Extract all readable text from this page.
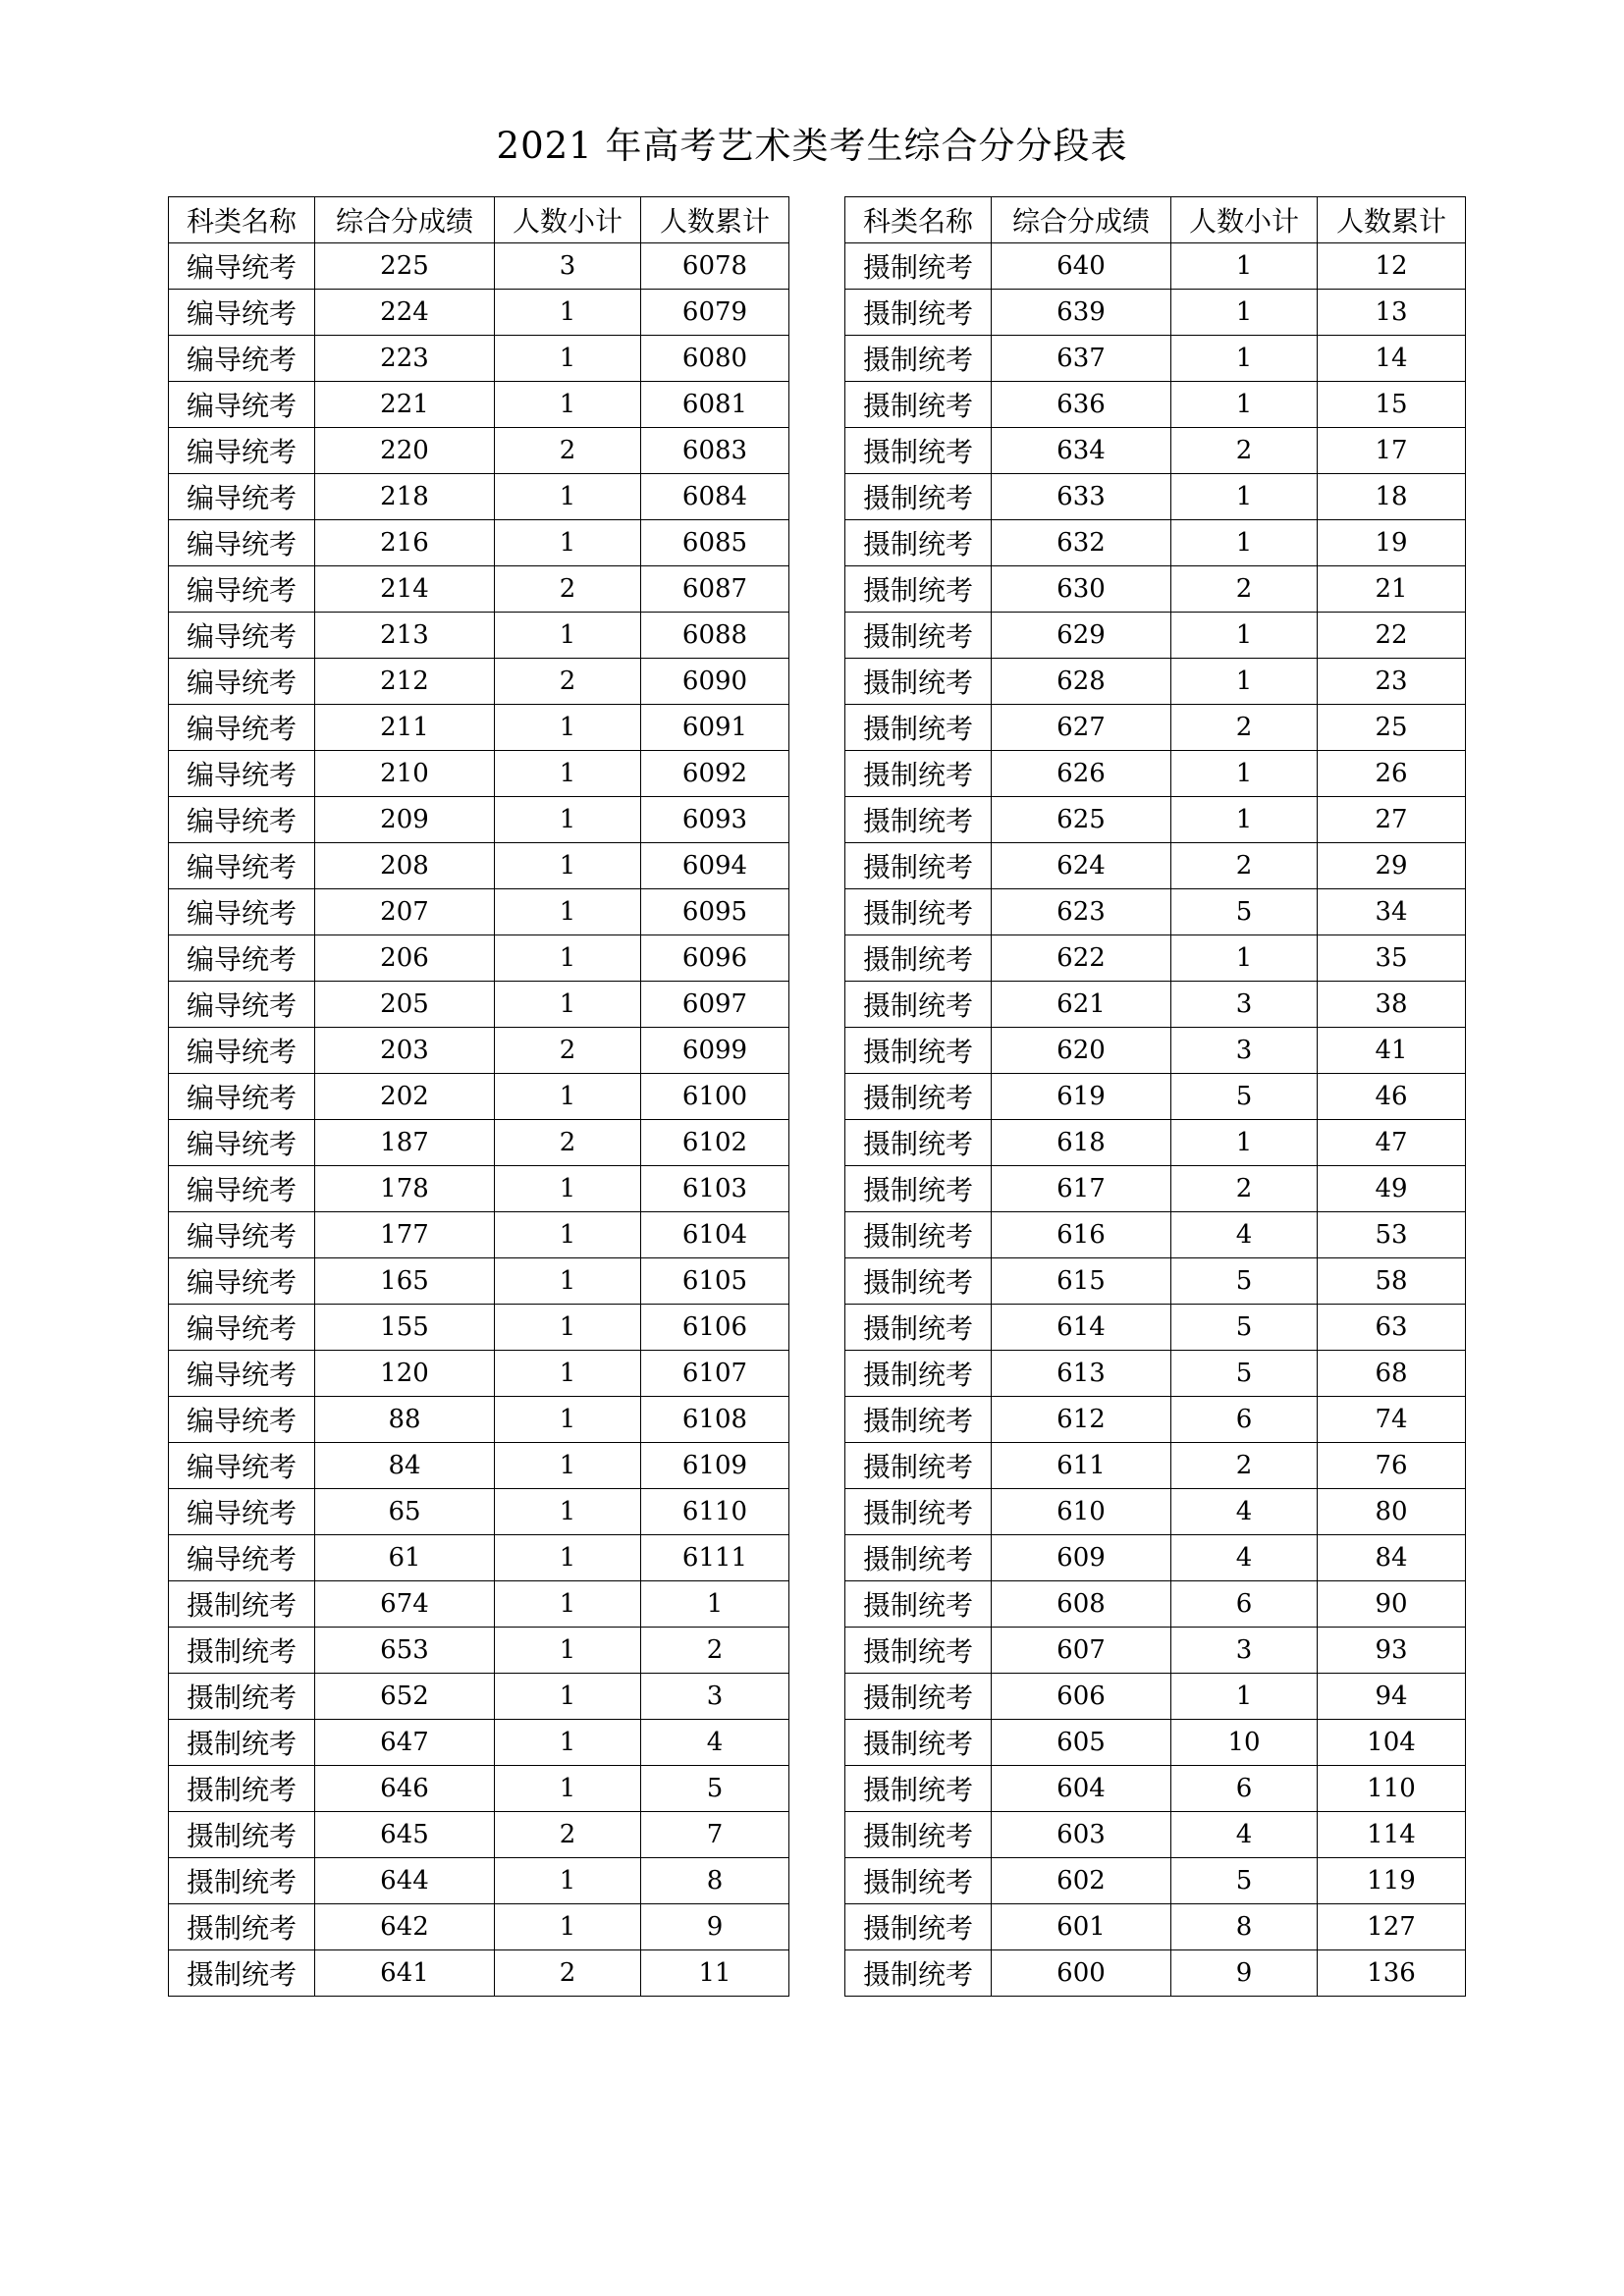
2021 年高考艺术类考生综合分分段表
科类名称	综合分成绩	人数小计	人数累计
编导统考	225	3	6078
编导统考	224	1	6079
编导统考	223	1	6080
编导统考	221	1	6081
编导统考	220	2	6083
编导统考	218	1	6084
编导统考	216	1	6085
编导统考	214	2	6087
编导统考	213	1	6088
编导统考	212	2	6090
编导统考	211	1	6091
编导统考	210	1	6092
编导统考	209	1	6093
编导统考	208	1	6094
编导统考	207	1	6095
编导统考	206	1	6096
编导统考	205	1	6097
编导统考	203	2	6099
编导统考	202	1	6100
编导统考	187	2	6102
编导统考	178	1	6103
编导统考	177	1	6104
编导统考	165	1	6105
编导统考	155	1	6106
编导统考	120	1	6107
编导统考	88	1	6108
编导统考	84	1	6109
编导统考	65	1	6110
编导统考	61	1	6111
摄制统考	674	1	1
摄制统考	653	1	2
摄制统考	652	1	3
摄制统考	647	1	4
摄制统考	646	1	5
摄制统考	645	2	7
摄制统考	644	1	8
摄制统考	642	1	9
摄制统考	641	2	11
科类名称	综合分成绩	人数小计	人数累计
摄制统考	640	1	12
摄制统考	639	1	13
摄制统考	637	1	14
摄制统考	636	1	15
摄制统考	634	2	17
摄制统考	633	1	18
摄制统考	632	1	19
摄制统考	630	2	21
摄制统考	629	1	22
摄制统考	628	1	23
摄制统考	627	2	25
摄制统考	626	1	26
摄制统考	625	1	27
摄制统考	624	2	29
摄制统考	623	5	34
摄制统考	622	1	35
摄制统考	621	3	38
摄制统考	620	3	41
摄制统考	619	5	46
摄制统考	618	1	47
摄制统考	617	2	49
摄制统考	616	4	53
摄制统考	615	5	58
摄制统考	614	5	63
摄制统考	613	5	68
摄制统考	612	6	74
摄制统考	611	2	76
摄制统考	610	4	80
摄制统考	609	4	84
摄制统考	608	6	90
摄制统考	607	3	93
摄制统考	606	1	94
摄制统考	605	10	104
摄制统考	604	6	110
摄制统考	603	4	114
摄制统考	602	5	119
摄制统考	601	8	127
摄制统考	600	9	136
